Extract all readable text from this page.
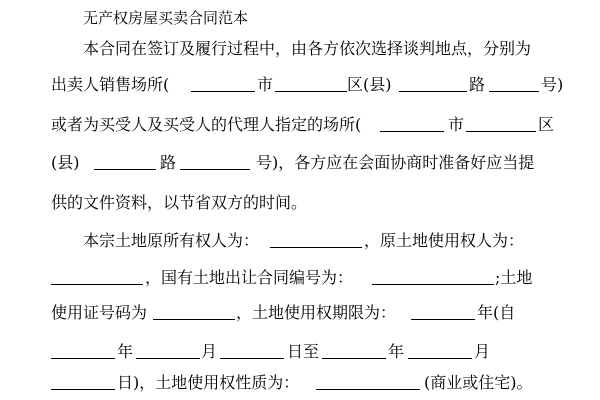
无产权房屋买卖合同范本
本合同在签订及履行过程中，由各方依次选择谈判地点，分别为
出卖人销售场所(	市	区(县)	路	号)
或者为买受人及买受人的代理人指定的场所(	市	区
(县)	路	号)，各方应在会面协商时准备好应当提
供的文件资料，以节省双方的时间。
本宗土地原所有权人为：	，原土地使用权人为：
，国有土地出让合同编号为：	;土地
使用证号码为	，土地使用权期限为：	年(自
年	月	日至	年	月
日)，土地使用权性质为：	(商业或住宅)。
